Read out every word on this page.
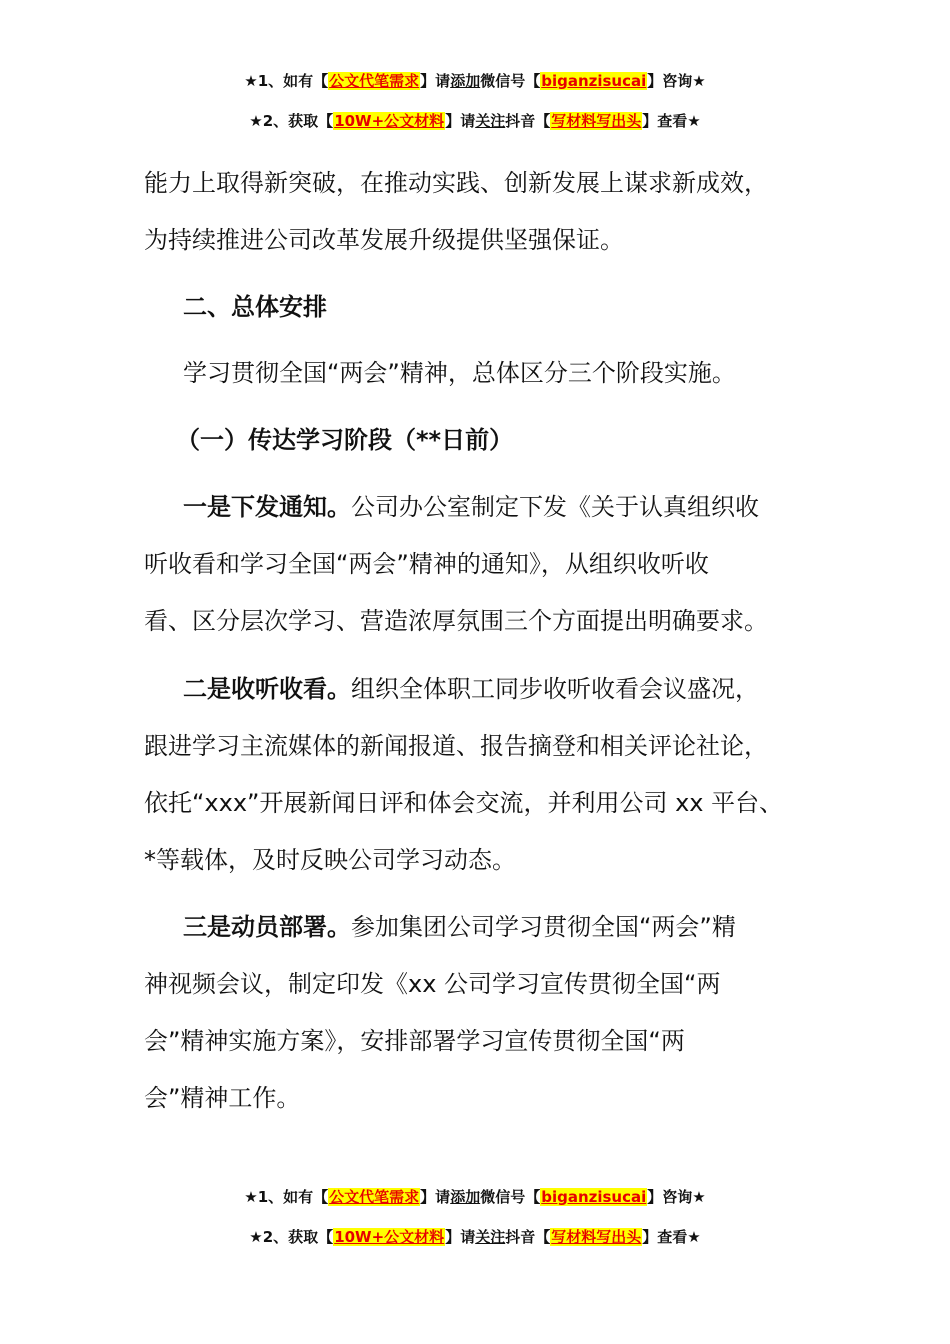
★1、如有【公文代笔需求】请添加微信号【biganzisucai】咨询★
★2、获取【10W+公文材料】请关注抖音【写材料写出头】查看★
能力上取得新突破，在推动实践、创新发展上谋求新成效，
为持续推进公司改革发展升级提供坚强保证。
二、总体安排
学习贯彻全国“两会”精神，总体区分三个阶段实施。
（一）传达学习阶段（**日前）
一是下发通知。公司办公室制定下发《关于认真组织收
听收看和学习全国“两会”精神的通知》，从组织收听收
看、区分层次学习、营造浓厚氛围三个方面提出明确要求。
二是收听收看。组织全体职工同步收听收看会议盛况，
跟进学习主流媒体的新闻报道、报告摘登和相关评论社论，
依托“xxx”开展新闻日评和体会交流，并利用公司 xx 平台、
*等载体，及时反映公司学习动态。
三是动员部署。参加集团公司学习贯彻全国“两会”精
神视频会议，制定印发《xx 公司学习宣传贯彻全国“两
会”精神实施方案》，安排部署学习宣传贯彻全国“两
会”精神工作。
★1、如有【公文代笔需求】请添加微信号【biganzisucai】咨询★
★2、获取【10W+公文材料】请关注抖音【写材料写出头】查看★
